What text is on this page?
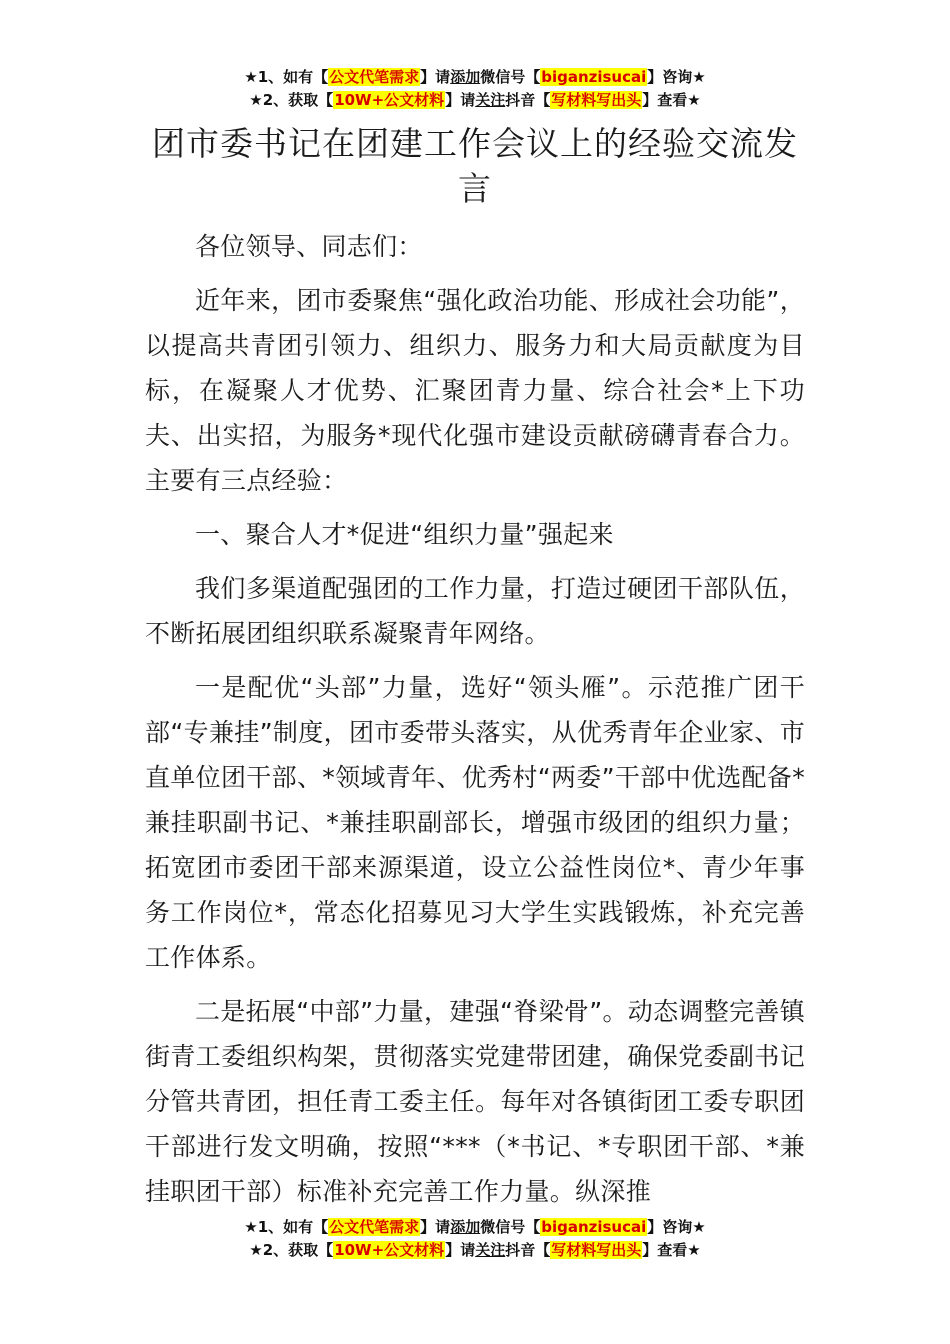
★1、如有【公文代笔需求】请添加微信号【biganzisucai】咨询★
★2、获取【10W+公文材料】请关注抖音【写材料写出头】查看★
团市委书记在团建工作会议上的经验交流发言

各位领导、同志们：

近年来，团市委聚焦“强化政治功能、形成社会功能”，以提高共青团引领力、组织力、服务力和大局贡献度为目标，在凝聚人才优势、汇聚团青力量、综合社会*上下功夫、出实招，为服务*现代化强市建设贡献磅礴青春合力。主要有三点经验：

一、聚合人才*促进“组织力量”强起来

我们多渠道配强团的工作力量，打造过硬团干部队伍，不断拓展团组织联系凝聚青年网络。

一是配优“头部”力量，选好“领头雁”。示范推广团干部“专兼挂”制度，团市委带头落实，从优秀青年企业家、市直单位团干部、*领域青年、优秀村“两委”干部中优选配备*兼挂职副书记、*兼挂职副部长，增强市级团的组织力量；拓宽团市委团干部来源渠道，设立公益性岗位*、青少年事务工作岗位*，常态化招募见习大学生实践锻炼，补充完善工作体系。

二是拓展“中部”力量，建强“脊梁骨”。动态调整完善镇街青工委组织构架，贯彻落实党建带团建，确保党委副书记分管共青团，担任青工委主任。每年对各镇街团工委专职团干部进行发文明确，按照“***（*书记、*专职团干部、*兼挂职团干部）标准补充完善工作力量。纵深推

★1、如有【公文代笔需求】请添加微信号【biganzisucai】咨询★
★2、获取【10W+公文材料】请关注抖音【写材料写出头】查看★
